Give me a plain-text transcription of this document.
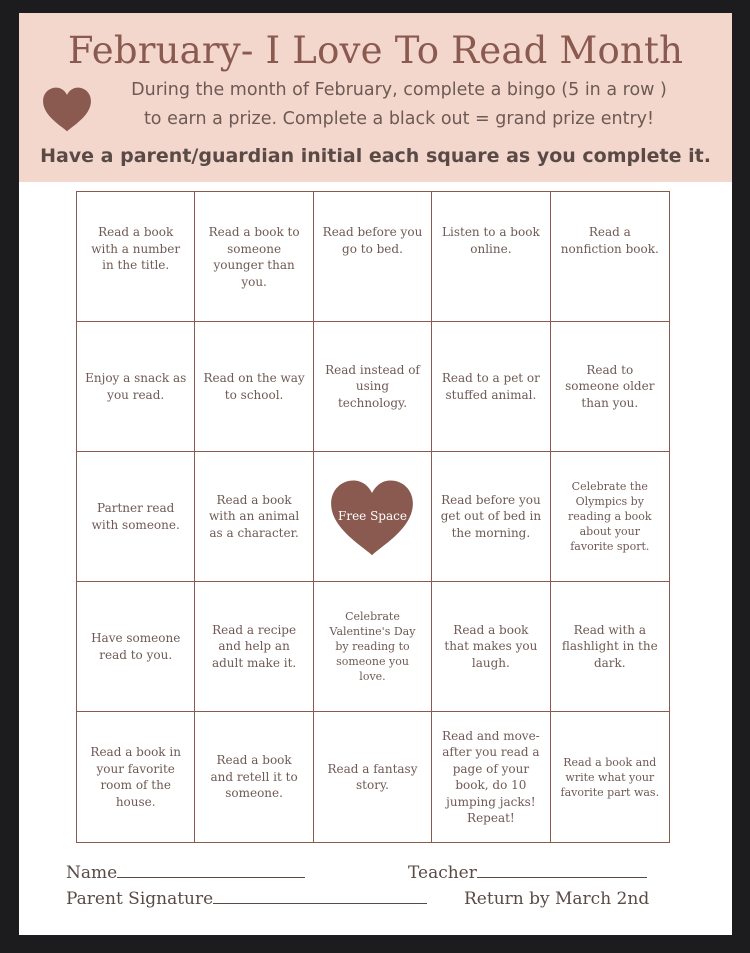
February- I Love To Read Month
During the month of February, complete a bingo (5 in a row )
to earn a prize. Complete a black out = grand prize entry!
Have a parent/guardian initial each square as you complete it.
Read a book with a number in the title.
Read a book to someone younger than you.
Read before you go to bed.
Listen to a book online.
Read a nonfiction book.
Enjoy a snack as you read.
Read on the way to school.
Read instead of using technology.
Read to a pet or stuffed animal.
Read to someone older than you.
Partner read with someone.
Read a book with an animal as a character.
Free Space
Read before you get out of bed in the morning.
Celebrate the Olympics by reading a book about your favorite sport.
Have someone read to you.
Read a recipe and help an adult make it.
Celebrate Valentine's Day by reading to someone you love.
Read a book that makes you laugh.
Read with a flashlight in the dark.
Read a book in your favorite room of the house.
Read a book and retell it to someone.
Read a fantasy story.
Read and move- after you read a page of your book, do 10 jumping jacks! Repeat!
Read a book and write what your favorite part was.
Name	Teacher
Parent Signature	Return by March 2nd
